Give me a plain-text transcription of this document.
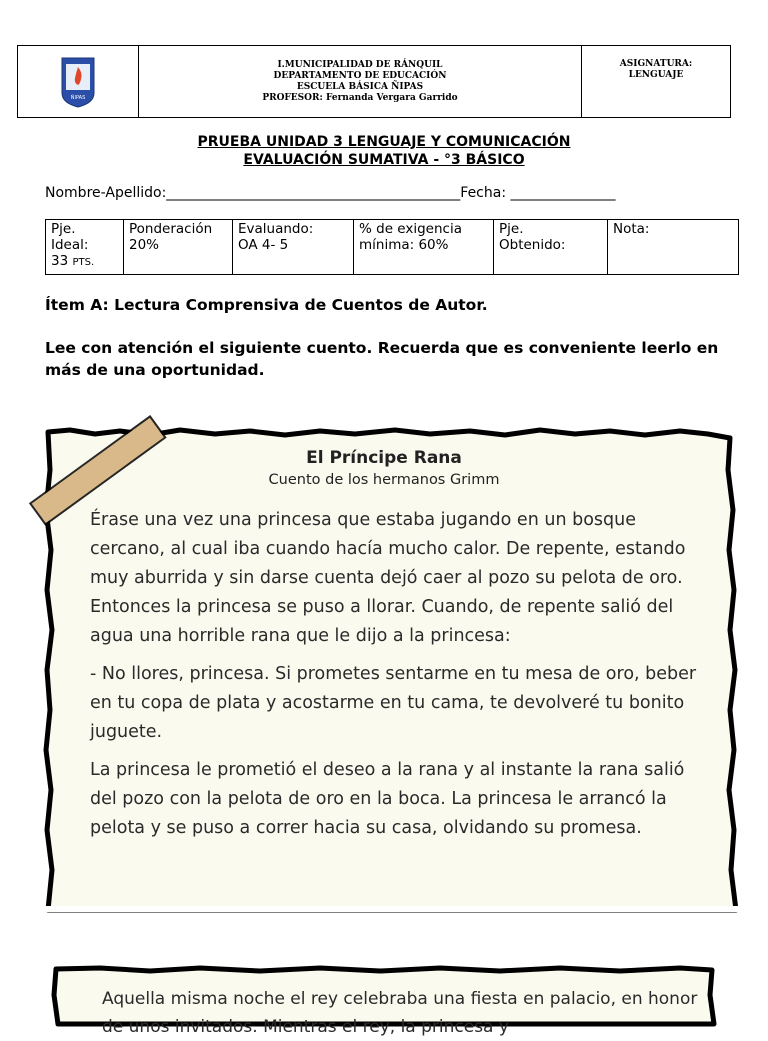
ÑIPAS
I.MUNICIPALIDAD DE RÁNQUIL
DEPARTAMENTO DE EDUCACIÓN
ESCUELA BÁSICA ÑIPAS
PROFESOR: Fernanda Vergara Garrido
ASIGNATURA:
LENGUAJE
PRUEBA UNIDAD 3 LENGUAJE Y COMUNICACIÓN
EVALUACIÓN SUMATIVA - °3 BÁSICO
Nombre-Apellido:__________________________________________Fecha: _______________
Pje.
Ideal:
33 PTS.

Ponderación
20%

Evaluando:
OA 4- 5

% de exigencia
mínima: 60%

Pje.
Obtenido:

Nota:
Ítem A: Lectura Comprensiva de Cuentos de Autor.
Lee con atención el siguiente cuento. Recuerda que es conveniente leerlo en más de una oportunidad.
El Príncipe Rana
Cuento de los hermanos Grimm

Érase una vez una princesa que estaba jugando en un bosque cercano, al cual iba cuando hacía mucho calor. De repente, estando muy aburrida y sin darse cuenta dejó caer al pozo su pelota de oro. Entonces la princesa se puso a llorar. Cuando, de repente salió del agua una horrible rana que le dijo a la princesa:

- No llores, princesa. Si prometes sentarme en tu mesa de oro, beber en tu copa de plata y acostarme en tu cama, te devolveré tu bonito juguete.

La princesa le prometió el deseo a la rana y al instante la rana salió del pozo con la pelota de oro en la boca. La princesa le arrancó la pelota y se puso a correr hacia su casa, olvidando su promesa.

Aquella misma noche el rey celebraba una fiesta en palacio, en honor de unos invitados. Mientras el rey, la princesa y
